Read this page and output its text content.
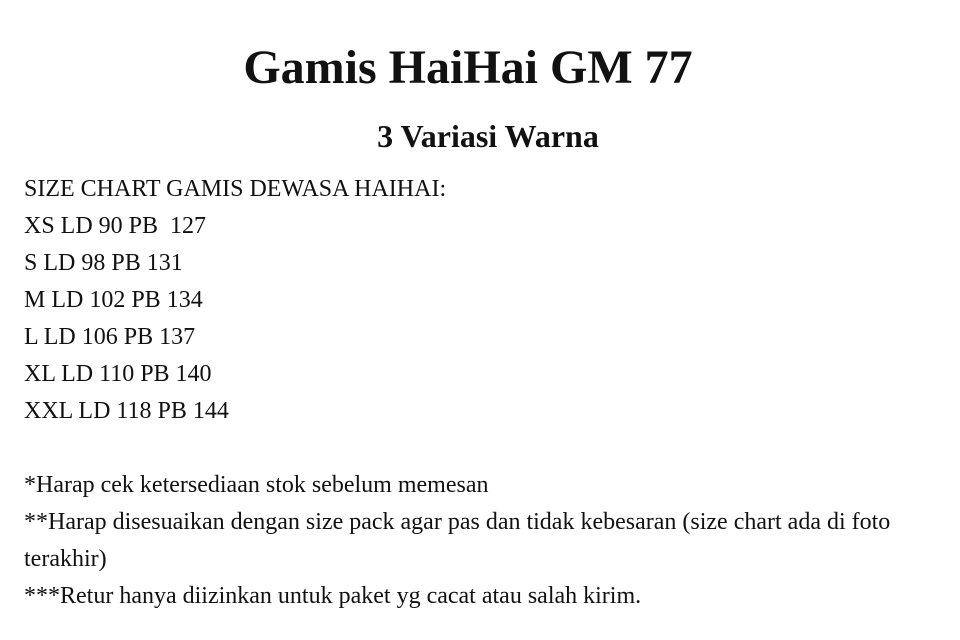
Gamis HaiHai GM 77
3 Variasi Warna
SIZE CHART GAMIS DEWASA HAIHAI:
XS LD 90 PB  127
S LD 98 PB 131
M LD 102 PB 134
L LD 106 PB 137
XL LD 110 PB 140
XXL LD 118 PB 144
*Harap cek ketersediaan stok sebelum memesan
**Harap disesuaikan dengan size pack agar pas dan tidak kebesaran (size chart ada di foto terakhir)
***Retur hanya diizinkan untuk paket yg cacat atau salah kirim.
